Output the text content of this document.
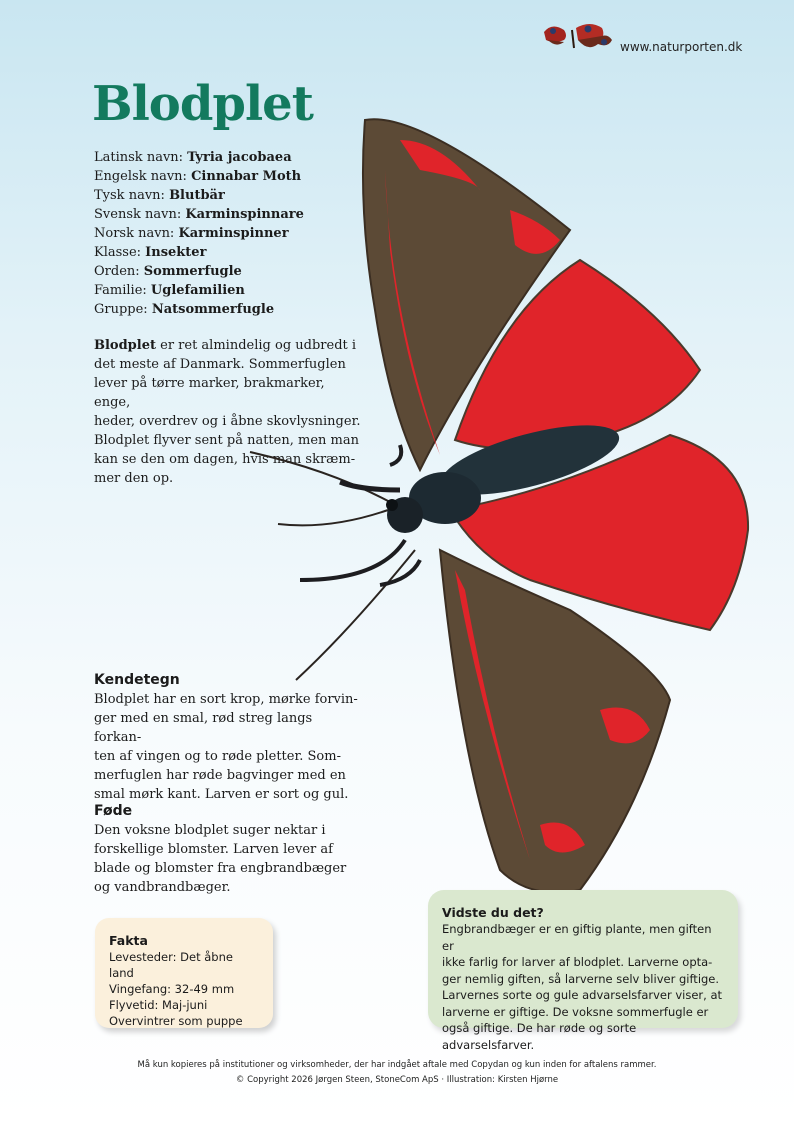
www.naturporten.dk
Blodplet
Latinsk navn: Tyria jacobaea
Engelsk navn: Cinnabar Moth
Tysk navn: Blutbär
Svensk navn: Karminspinnare
Norsk navn: Karminspinner
Klasse: Insekter
Orden: Sommerfugle
Familie: Uglefamilien
Gruppe: Natsommerfugle
Blodplet er ret almindelig og udbredt i
det meste af Danmark. Sommerfuglen
lever på tørre marker, brakmarker, enge,
heder, overdrev og i åbne skovlysninger.
Blodplet flyver sent på natten, men man
kan se den om dagen, hvis man skræm-
mer den op.
Kendetegn
Blodplet har en sort krop, mørke forvin-
ger med en smal, rød streg langs forkan-
ten af vingen og to røde pletter. Som-
merfuglen har røde bagvinger med en
smal mørk kant. Larven er sort og gul.
Føde
Den voksne blodplet suger nektar i
forskellige blomster. Larven lever af
blade og blomster fra engbrandbæger
og vandbrandbæger.
Fakta
Levesteder: Det åbne land
Vingefang: 32-49 mm
Flyvetid: Maj-juni
Overvintrer som puppe
Vidste du det?
Engbrandbæger er en giftig plante, men giften er
ikke farlig for larver af blodplet. Larverne opta-
ger nemlig giften, så larverne selv bliver giftige.
Larvernes sorte og gule advarselsfarver viser, at
larverne er giftige. De voksne sommerfugle er
også giftige. De har røde og sorte advarselsfarver.
Må kun kopieres på institutioner og virksomheder, der har indgået aftale med Copydan og kun inden for aftalens rammer.
© Copyright 2026 Jørgen Steen, StoneCom ApS · Illustration: Kirsten Hjørne
